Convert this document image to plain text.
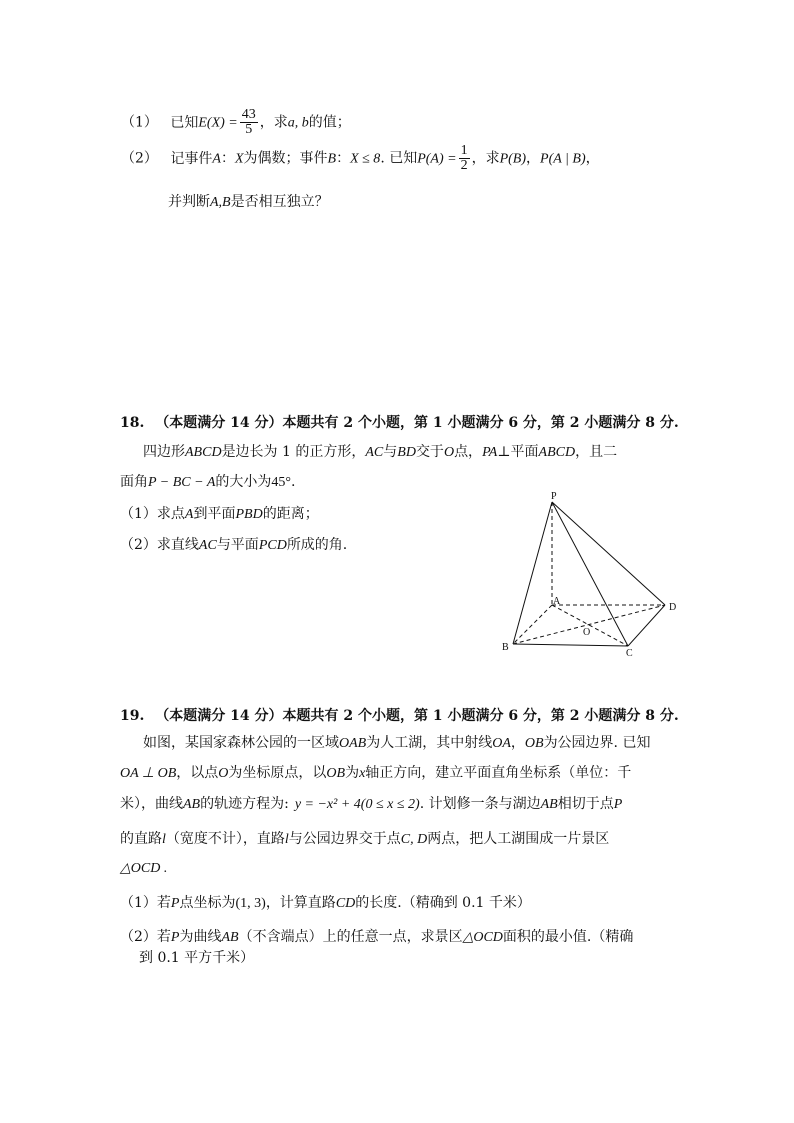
（1） 已知$E(X) = \frac{43}{5}$ ，求a, b的值；
（2） 记事件A：X为偶数；事件B：X ≤ 8. 已知$P(A) = \frac{1}{2}$ ，求P(B)，P(A | B)，
并判断A,B是否相互独立？
18. （本题满分 14 分）本题共有 2 个小题，第 1 小题满分 6 分，第 2 小题满分 8 分.
四边形ABCD是边长为 1 的正方形，AC与BD交于O点，PA⊥平面ABCD，且二
面角P − BC − A的大小为45°.
（1）求点A到平面PBD的距离；
（2）求直线AC与平面PCD所成的角.
P
A
D
O
B
C
19. （本题满分 14 分）本题共有 2 个小题，第 1 小题满分 6 分，第 2 小题满分 8 分.
如图，某国家森林公园的一区域OAB为人工湖，其中射线OA，OB为公园边界. 已知
OA ⊥ OB，以点O为坐标原点，以OB为x轴正方向，建立平面直角坐标系（单位：千
米），曲线AB的轨迹方程为: y = −x² + 4(0 ≤ x ≤ 2). 计划修一条与湖边AB相切于点P
的直路l（宽度不计），直路l与公园边界交于点C, D两点，把人工湖围成一片景区
△OCD .
（1）若P点坐标为(1, 3)，计算直路CD的长度.（精确到 0.1 千米）
（2）若P为曲线AB（不含端点）上的任意一点，求景区△OCD面积的最小值.（精确
到 0.1 平方千米）
